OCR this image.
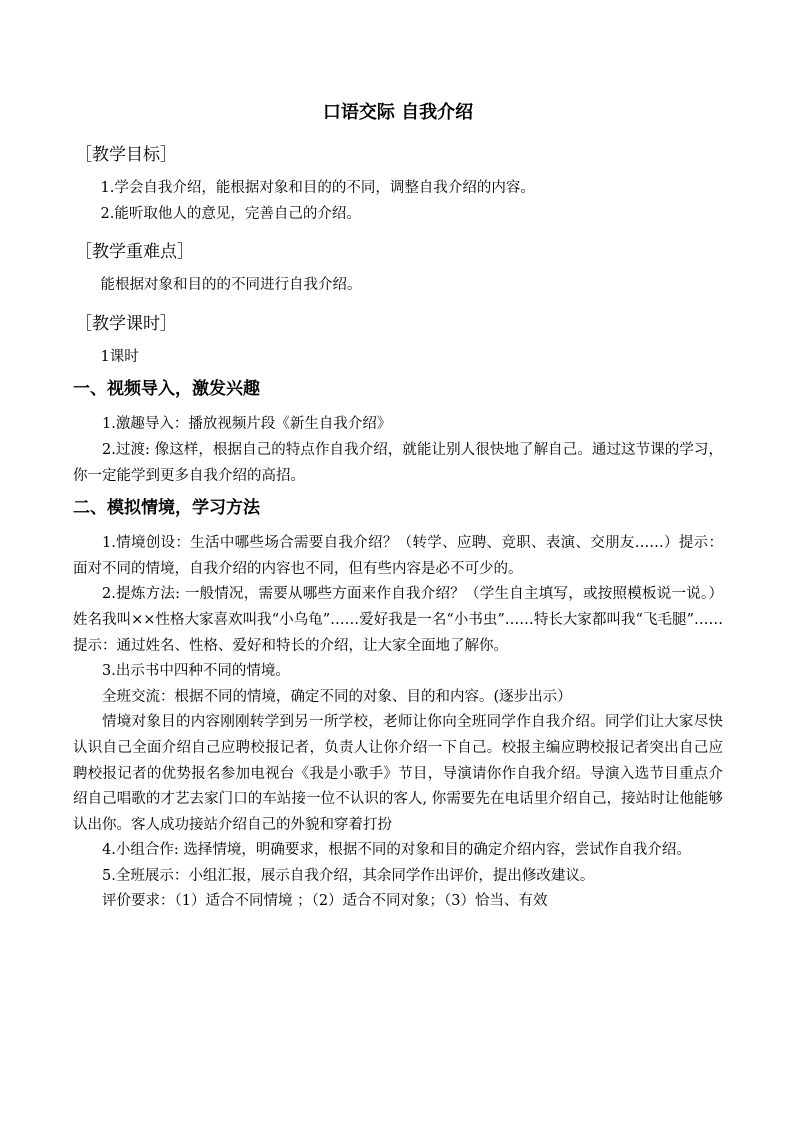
口语交际 自我介绍
［教学目标］

1.学会自我介绍，能根据对象和目的的不同，调整自我介绍的内容。

2.能听取他人的意见，完善自己的介绍。

［教学重难点］

能根据对象和目的的不同进行自我介绍。

［教学课时］

1课时

一、视频导入，激发兴趣

1.激趣导入：播放视频片段《新生自我介绍》

2.过渡: 像这样，根据自己的特点作自我介绍，就能让别人很快地了解自己。通过这节课的学习，你一定能学到更多自我介绍的高招。

二、模拟情境，学习方法

1.情境创设：生活中哪些场合需要自我介绍？（转学、应聘、竞职、表演、交朋友……）提示：面对不同的情境，自我介绍的内容也不同，但有些内容是必不可少的。

2.提炼方法: 一般情况，需要从哪些方面来作自我介绍？（学生自主填写，或按照模板说一说。）姓名我叫××性格大家喜欢叫我“小乌龟”……爱好我是一名“小书虫”……特长大家都叫我“飞毛腿”……提示：通过姓名、性格、爱好和特长的介绍，让大家全面地了解你。

3.出示书中四种不同的情境。

全班交流：根据不同的情境，确定不同的对象、目的和内容。(逐步出示）

情境对象目的内容刚刚转学到另一所学校，老师让你向全班同学作自我介绍。同学们让大家尽快认识自己全面介绍自己应聘校报记者，负责人让你介绍一下自己。校报主编应聘校报记者突出自己应聘校报记者的优势报名参加电视台《我是小歌手》节目，导演请你作自我介绍。导演入选节目重点介绍自己唱歌的才艺去家门口的车站接一位不认识的客人, 你需要先在电话里介绍自己，接站时让他能够认出你。客人成功接站介绍自己的外貌和穿着打扮

4.小组合作: 选择情境，明确要求，根据不同的对象和目的确定介绍内容，尝试作自我介绍。

5.全班展示：小组汇报，展示自我介绍，其余同学作出评价，提出修改建议。

评价要求：（1）适合不同情境 ；（2）适合不同对象；（3）恰当、有效
